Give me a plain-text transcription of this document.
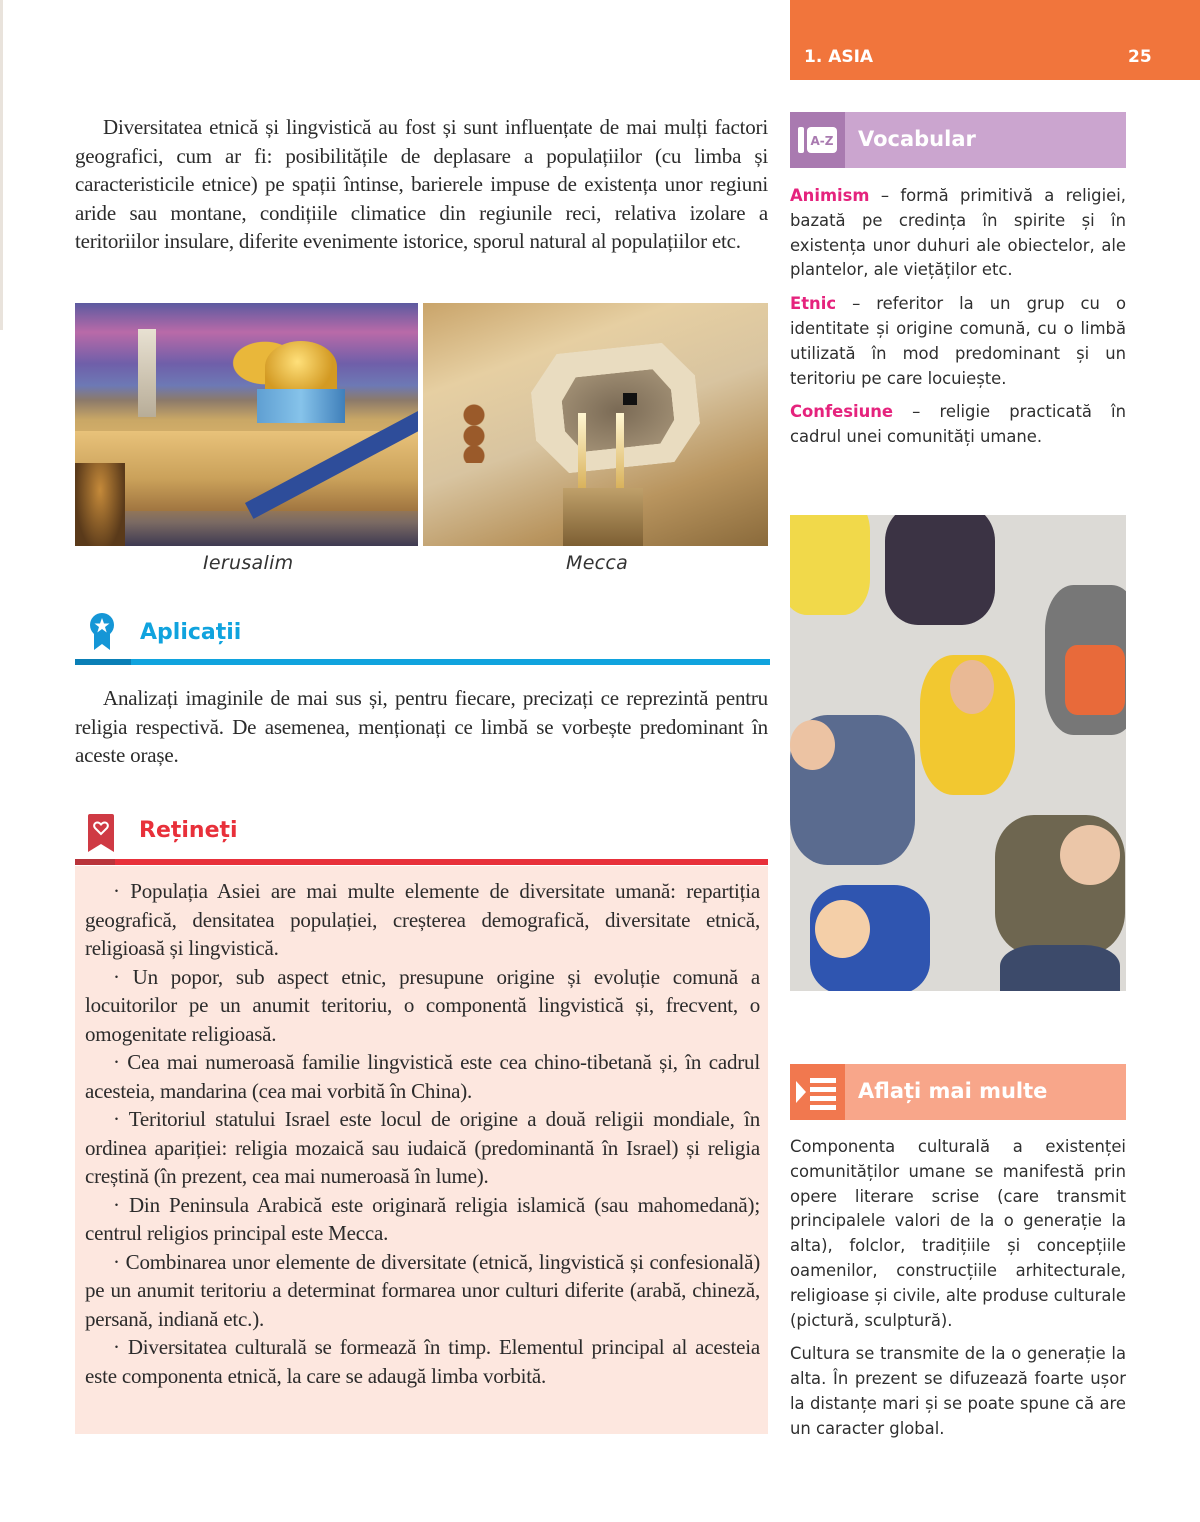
1. ASIA	25
Diversitatea etnică și lingvistică au fost și sunt influențate de mai mulți factori geografici, cum ar fi: posibilitățile de deplasare a populațiilor (cu limba și caracteristicile etnice) pe spații întinse, barierele impuse de existența unor regiuni aride sau montane, condițiile climatice din regiunile reci, relativa izolare a teritoriilor insulare, diferite evenimente istorice, sporul natural al populațiilor etc.
Ierusalim	Mecca
Aplicații
Analizați imaginile de mai sus și, pentru fiecare, precizați ce reprezintă pentru religia respectivă. De asemenea, menționați ce limbă se vorbește predominant în aceste orașe.
Rețineți

· Populația Asiei are mai multe elemente de diversitate umană: repartiția geografică, densitatea populației, creșterea demografică, diversitate etnică, religioasă și lingvistică.

· Un popor, sub aspect etnic, presupune origine și evoluție comună a locuitorilor pe un anumit teritoriu, o componentă lingvistică și, frecvent, o omogenitate religioasă.

· Cea mai numeroasă familie lingvistică este cea chino-tibetană și, în cadrul acesteia, mandarina (cea mai vorbită în China).

· Teritoriul statului Israel este locul de origine a două religii mondiale, în ordinea apariției: religia mozaică sau iudaică (predominantă în Israel) și religia creștină (în prezent, cea mai numeroasă în lume).

· Din Peninsula Arabică este originară religia islamică (sau mahomedană); centrul religios principal este Mecca.

· Combinarea unor elemente de diversitate (etnică, lingvistică și confesională) pe un anumit teritoriu a determinat formarea unor culturi diferite (arabă, chineză, persană, indiană etc.).

· Diversitatea culturală se formează în timp. Elementul principal al acesteia este componenta etnică, la care se adaugă limba vorbită.

A-Z Vocabular

Animism – formă primitivă a religiei, bazată pe credința în spirite și în existența unor duhuri ale obiectelor, ale plantelor, ale viețăților etc.

Etnic – referitor la un grup cu o identitate și origine comună, cu o limbă utilizată în mod predominant și un teritoriu pe care locuiește.

Confesiune – religie practicată în cadrul unei comunități umane.

Aflați mai multe

Componenta culturală a existenței comunităților umane se manifestă prin opere literare scrise (care transmit principalele valori de la o generație la alta), folclor, tradițiile și concepțiile oamenilor, construcțiile arhitecturale, religioase și civile, alte produse culturale (pictură, sculptură).

Cultura se transmite de la o generație la alta. În prezent se difuzează foarte ușor la distanțe mari și se poate spune că are un caracter global.
